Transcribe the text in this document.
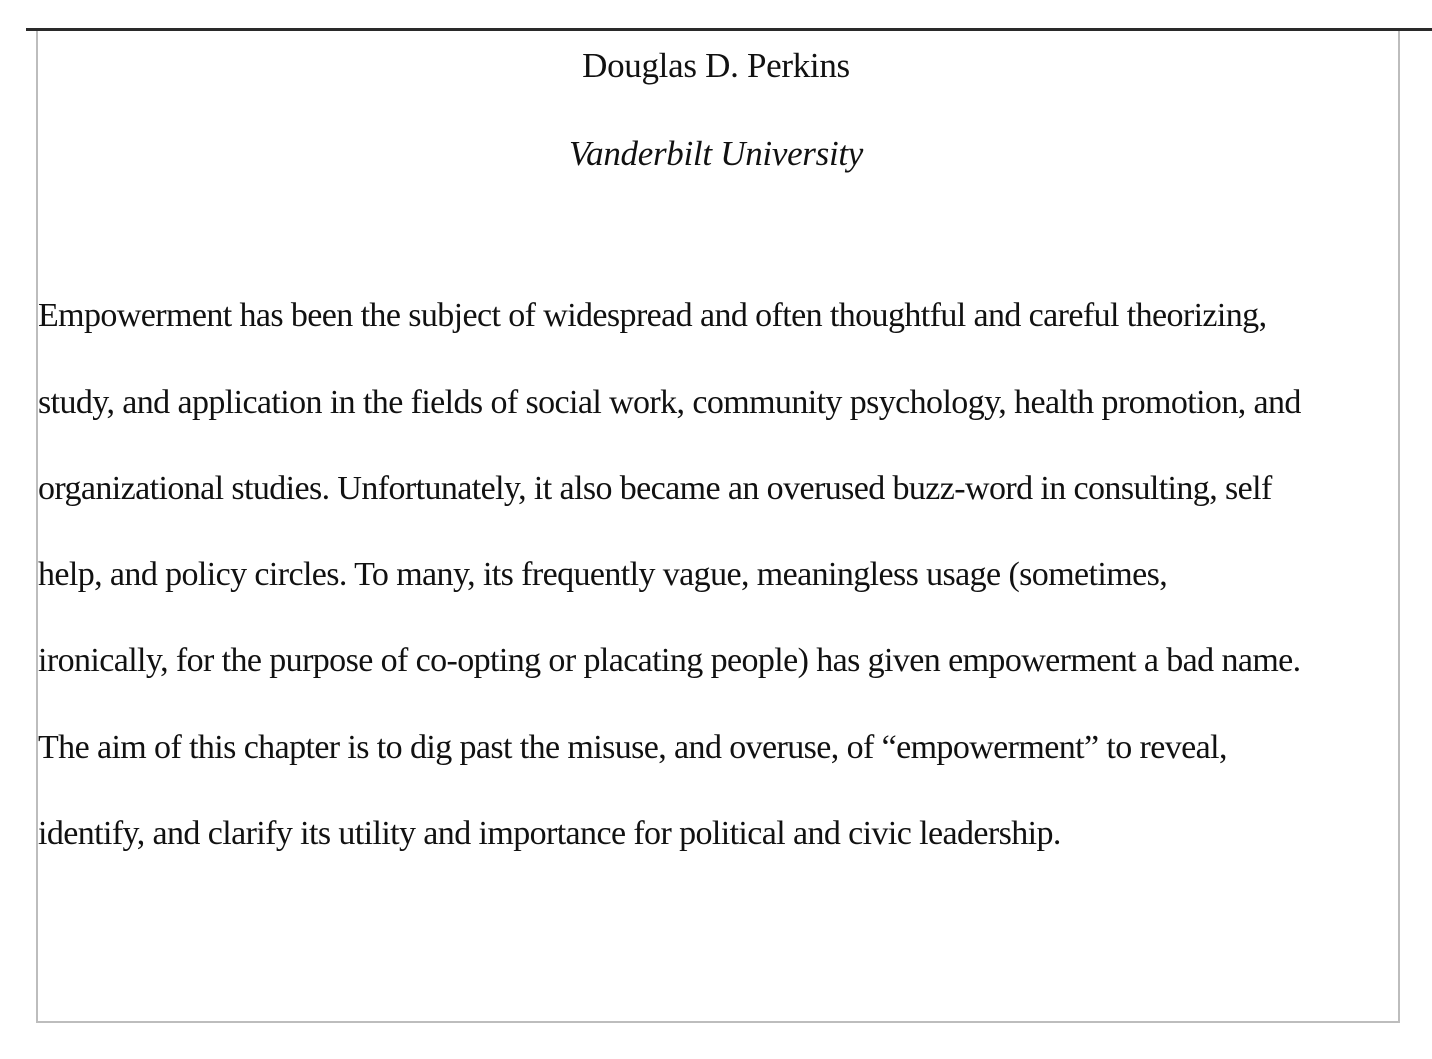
Douglas D. Perkins
Vanderbilt University
Empowerment has been the subject of widespread and often thoughtful and careful theorizing,
study, and application in the fields of social work, community psychology, health promotion, and
organizational studies. Unfortunately, it also became an overused buzz-word in consulting, self
help, and policy circles. To many, its frequently vague, meaningless usage (sometimes,
ironically, for the purpose of co-opting or placating people) has given empowerment a bad name.
The aim of this chapter is to dig past the misuse, and overuse, of “empowerment” to reveal,
identify, and clarify its utility and importance for political and civic leadership.
